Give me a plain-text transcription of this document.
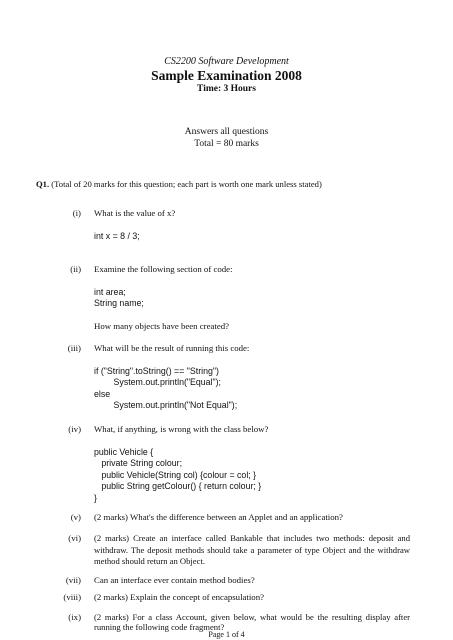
CS2200 Software Development
Sample Examination 2008
Time: 3 Hours
Answers all questions
Total = 80 marks
Q1. (Total of 20 marks for this question; each part is worth one mark unless stated)
(i) What is the value of x?
int x = 8 / 3;
(ii) Examine the following section of code:
int area;
String name;
How many objects have been created?
(iii) What will be the result of running this code:
if ("String".toString() == "String")
System.out.println("Equal");
else
System.out.println("Not Equal");
(iv) What, if anything, is wrong with the class below?
public Vehicle {
private String colour;
public Vehicle(String col) {colour = col; }
public String getColour() { return colour; }
}
(v) (2 marks) What's the difference between an Applet and an application?
(vi) (2 marks) Create an interface called Bankable that includes two methods: deposit and withdraw. The deposit methods should take a parameter of type Object and the withdraw method should return an Object.
(vii) Can an interface ever contain method bodies?
(viii) (2 marks) Explain the concept of encapsulation?
(ix) (2 marks) For a class Account, given below, what would be the resulting display after running the following code fragment?
Page 1 of 4
